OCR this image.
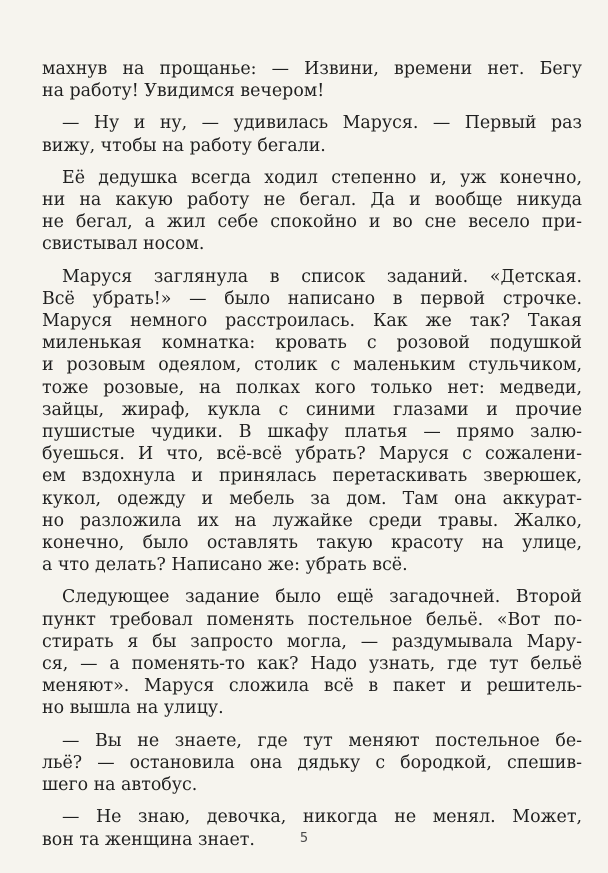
махнув на прощанье: — Извини, времени нет. Бегу
на работу! Увидимся вечером!

— Ну и ну, — удивилась Маруся. — Первый раз
вижу, чтобы на работу бегали.

Её дедушка всегда ходил степенно и, уж конечно,
ни на какую работу не бегал. Да и вообще никуда
не бегал, а жил себе спокойно и во сне весело при-
свистывал носом.

Маруся заглянула в список заданий. «Детская.
Всё убрать!» — было написано в первой строчке.
Маруся немного расстроилась. Как же так? Такая
миленькая комнатка: кровать с розовой подушкой
и розовым одеялом, столик с маленьким стульчиком,
тоже розовые, на полках кого только нет: медведи,
зайцы, жираф, кукла с синими глазами и прочие
пушистые чудики. В шкафу платья — прямо залю-
буешься. И что, всё-всё убрать? Маруся с сожалени-
ем вздохнула и принялась перетаскивать зверюшек,
кукол, одежду и мебель за дом. Там она аккурат-
но разложила их на лужайке среди травы. Жалко,
конечно, было оставлять такую красоту на улице,
а что делать? Написано же: убрать всё.

Следующее задание было ещё загадочней. Второй
пункт требовал поменять постельное бельё. «Вот по-
стирать я бы запросто могла, — раздумывала Мару-
ся, — а поменять-то как? Надо узнать, где тут бельё
меняют». Маруся сложила всё в пакет и решитель-
но вышла на улицу.

— Вы не знаете, где тут меняют постельное бе-
льё? — остановила она дядьку с бородкой, спешив-
шего на автобус.

— Не знаю, девочка, никогда не менял. Может,
вон та женщина знает.	5
